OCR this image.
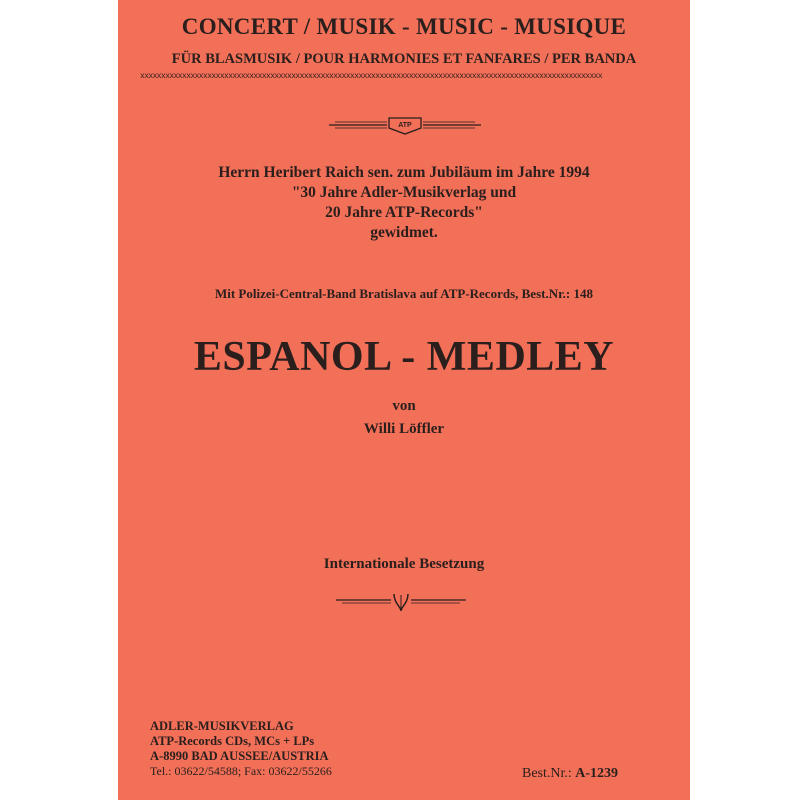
CONCERT / MUSIK - MUSIC - MUSIQUE
FÜR BLASMUSIK / POUR HARMONIES ET FANFARES / PER BANDA
xxxxxxxxxxxxxxxxxxxxxxxxxxxxxxxxxxxxxxxxxxxxxxxxxxxxxxxxxxxxxxxxxxxxxxxxxxxxxxxxxxxxxxxxxxxxxxxxxxxxxxxxxxxxxx
ATP
Herrn Heribert Raich sen. zum Jubiläum im Jahre 1994
"30 Jahre Adler-Musikverlag und
20 Jahre ATP-Records"
gewidmet.
Mit Polizei-Central-Band Bratislava auf ATP-Records, Best.Nr.: 148
ESPANOL - MEDLEY
von
Willi Löffler
Internationale Besetzung
ADLER-MUSIKVERLAG
ATP-Records CDs, MCs + LPs
A-8990 BAD AUSSEE/AUSTRIA
Tel.: 03622/54588; Fax: 03622/55266	Best.Nr.: A-1239
